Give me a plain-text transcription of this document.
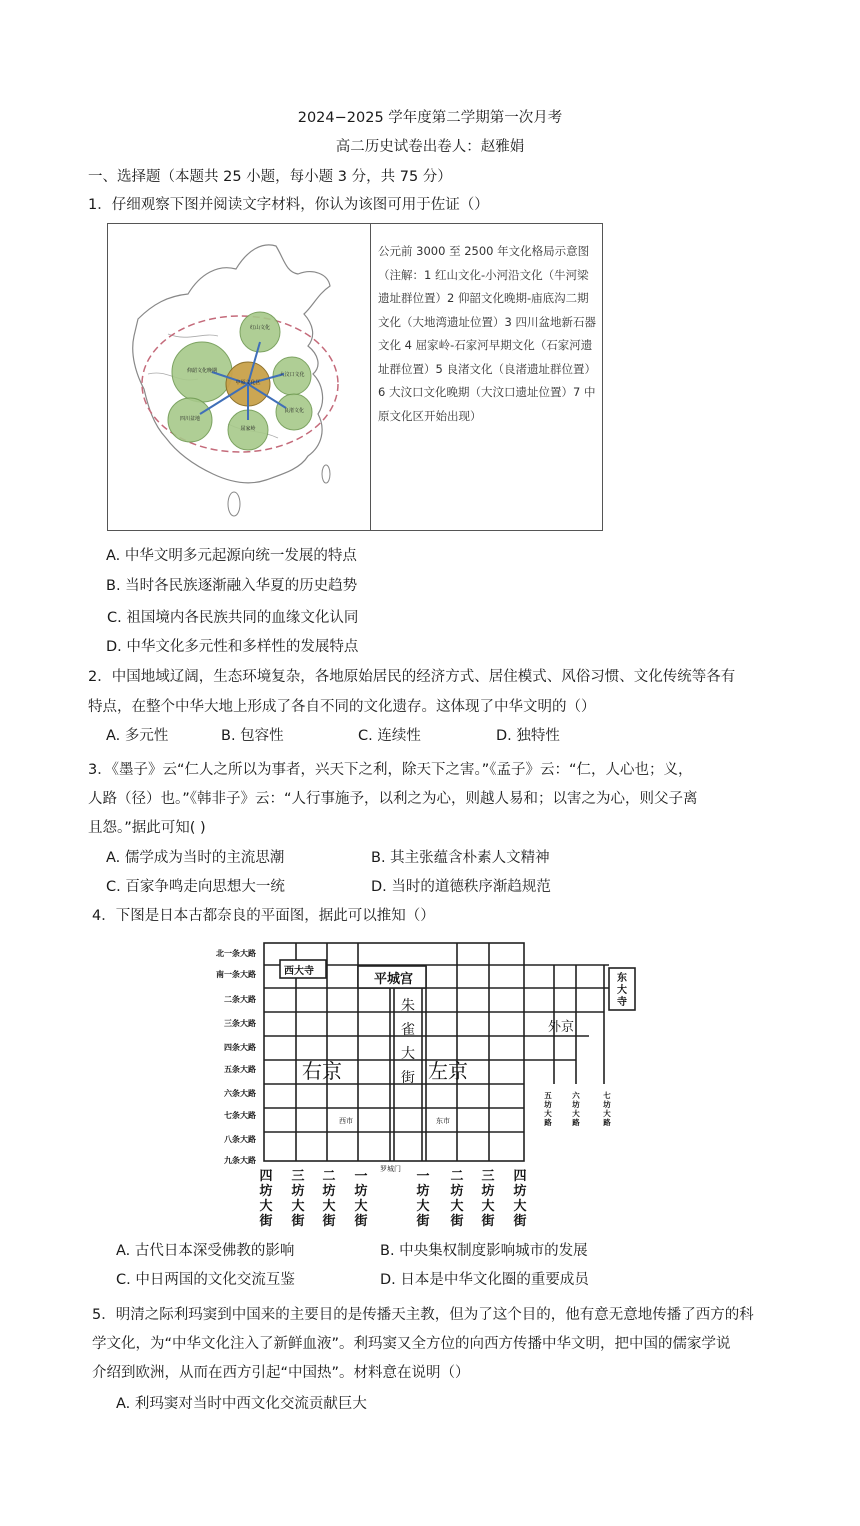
2024−2025 学年度第二学期第一次月考
高二历史试卷出卷人：赵雅娟
一、选择题（本题共 25 小题，每小题 3 分，共 75 分）
1．仔细观察下图并阅读文字材料，你认为该图可用于佐证（）
红山文化
仰韶文化晚期
中原文化区
大汶口文化
良渚文化
四川盆地
屈家岭
公元前 3000 至 2500 年文化格局示意图（注解：1 红山文化-小河沿文化（牛河梁遗址群位置）2 仰韶文化晚期-庙底沟二期文化（大地湾遗址位置）3 四川盆地新石器文化 4 屈家岭-石家河早期文化（石家河遗址群位置）5 良渚文化（良渚遗址群位置）6 大汶口文化晚期（大汶口遗址位置）7 中原文化区开始出现）
A. 中华文明多元起源向统一发展的特点
B. 当时各民族逐渐融入华夏的历史趋势
C. 祖国境内各民族共同的血缘文化认同
D. 中华文化多元性和多样性的发展特点
2．中国地域辽阔，生态环境复杂，各地原始居民的经济方式、居住模式、风俗习惯、文化传统等各有
特点，在整个中华大地上形成了各自不同的文化遗存。这体现了中华文明的（）
A. 多元性	B. 包容性	C. 连续性	D. 独特性
3．《墨子》云“仁人之所以为事者，兴天下之利，除天下之害。”《孟子》云：“仁，人心也；义，
人路（径）也。”《韩非子》云：“人行事施予，以利之为心，则越人易和；以害之为心，则父子离
且怨。”据此可知( )
A. 儒学成为当时的主流思潮	B. 其主张蕴含朴素人文精神
C. 百家争鸣走向思想大一统	D. 当时的道德秩序渐趋规范
4．下图是日本古都奈良的平面图，据此可以推知（）
北一条大路
南一条大路
二条大路
三条大路
四条大路
五条大路
六条大路
七条大路
八条大路
九条大路
西大寺
平城宫
右京	左京
外京
西市	东市
罗城门
朱雀大街
东大寺
五坊大路
六坊大路
七坊大路
四坊大街
三坊大街
二坊大街
一坊大街
一坊大街
二坊大街
三坊大街
四坊大街
A. 古代日本深受佛教的影响	B. 中央集权制度影响城市的发展
C. 中日两国的文化交流互鉴	D. 日本是中华文化圈的重要成员
5．明清之际利玛窦到中国来的主要目的是传播天主教，但为了这个目的，他有意无意地传播了西方的科
学文化，为“中华文化注入了新鲜血液”。利玛窦又全方位的向西方传播中华文明，把中国的儒家学说
介绍到欧洲，从而在西方引起“中国热”。材料意在说明（）
A. 利玛窦对当时中西文化交流贡献巨大
